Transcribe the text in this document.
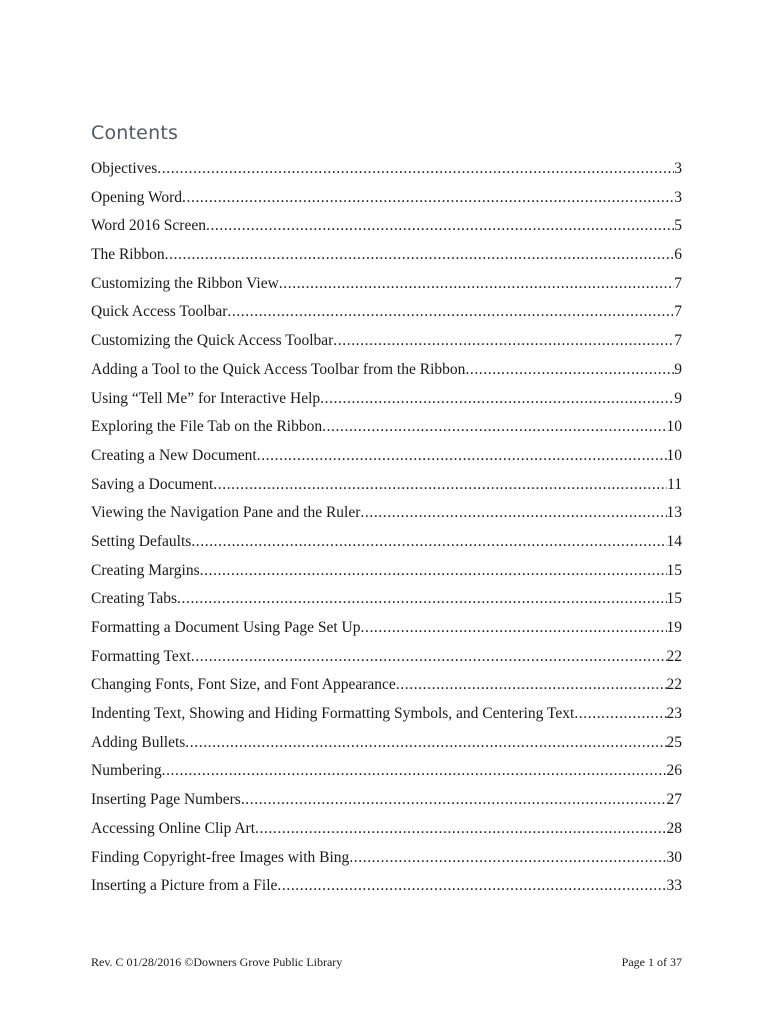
Contents
Objectives .....	3
Opening Word .....	3
Word 2016 Screen .....	5
The Ribbon .....	6
Customizing the Ribbon View .....	7
Quick Access Toolbar .....	7
Customizing the Quick Access Toolbar .....	7
Adding a Tool to the Quick Access Toolbar from the Ribbon .....	9
Using “Tell Me” for Interactive Help .....	9
Exploring the File Tab on the Ribbon .....	10
Creating a New Document .....	10
Saving a Document .....	11
Viewing the Navigation Pane and the Ruler .....	13
Setting Defaults .....	14
Creating Margins .....	15
Creating Tabs .....	15
Formatting a Document Using Page Set Up .....	19
Formatting Text .....	22
Changing Fonts, Font Size, and Font Appearance .....	22
Indenting Text, Showing and Hiding Formatting Symbols, and Centering Text .....	23
Adding Bullets .....	25
Numbering .....	26
Inserting Page Numbers .....	27
Accessing Online Clip Art .....	28
Finding Copyright-free Images with Bing .....	30
Inserting a Picture from a File .....	33
Rev. C 01/28/2016 ©Downers Grove Public Library	Page 1 of 37
